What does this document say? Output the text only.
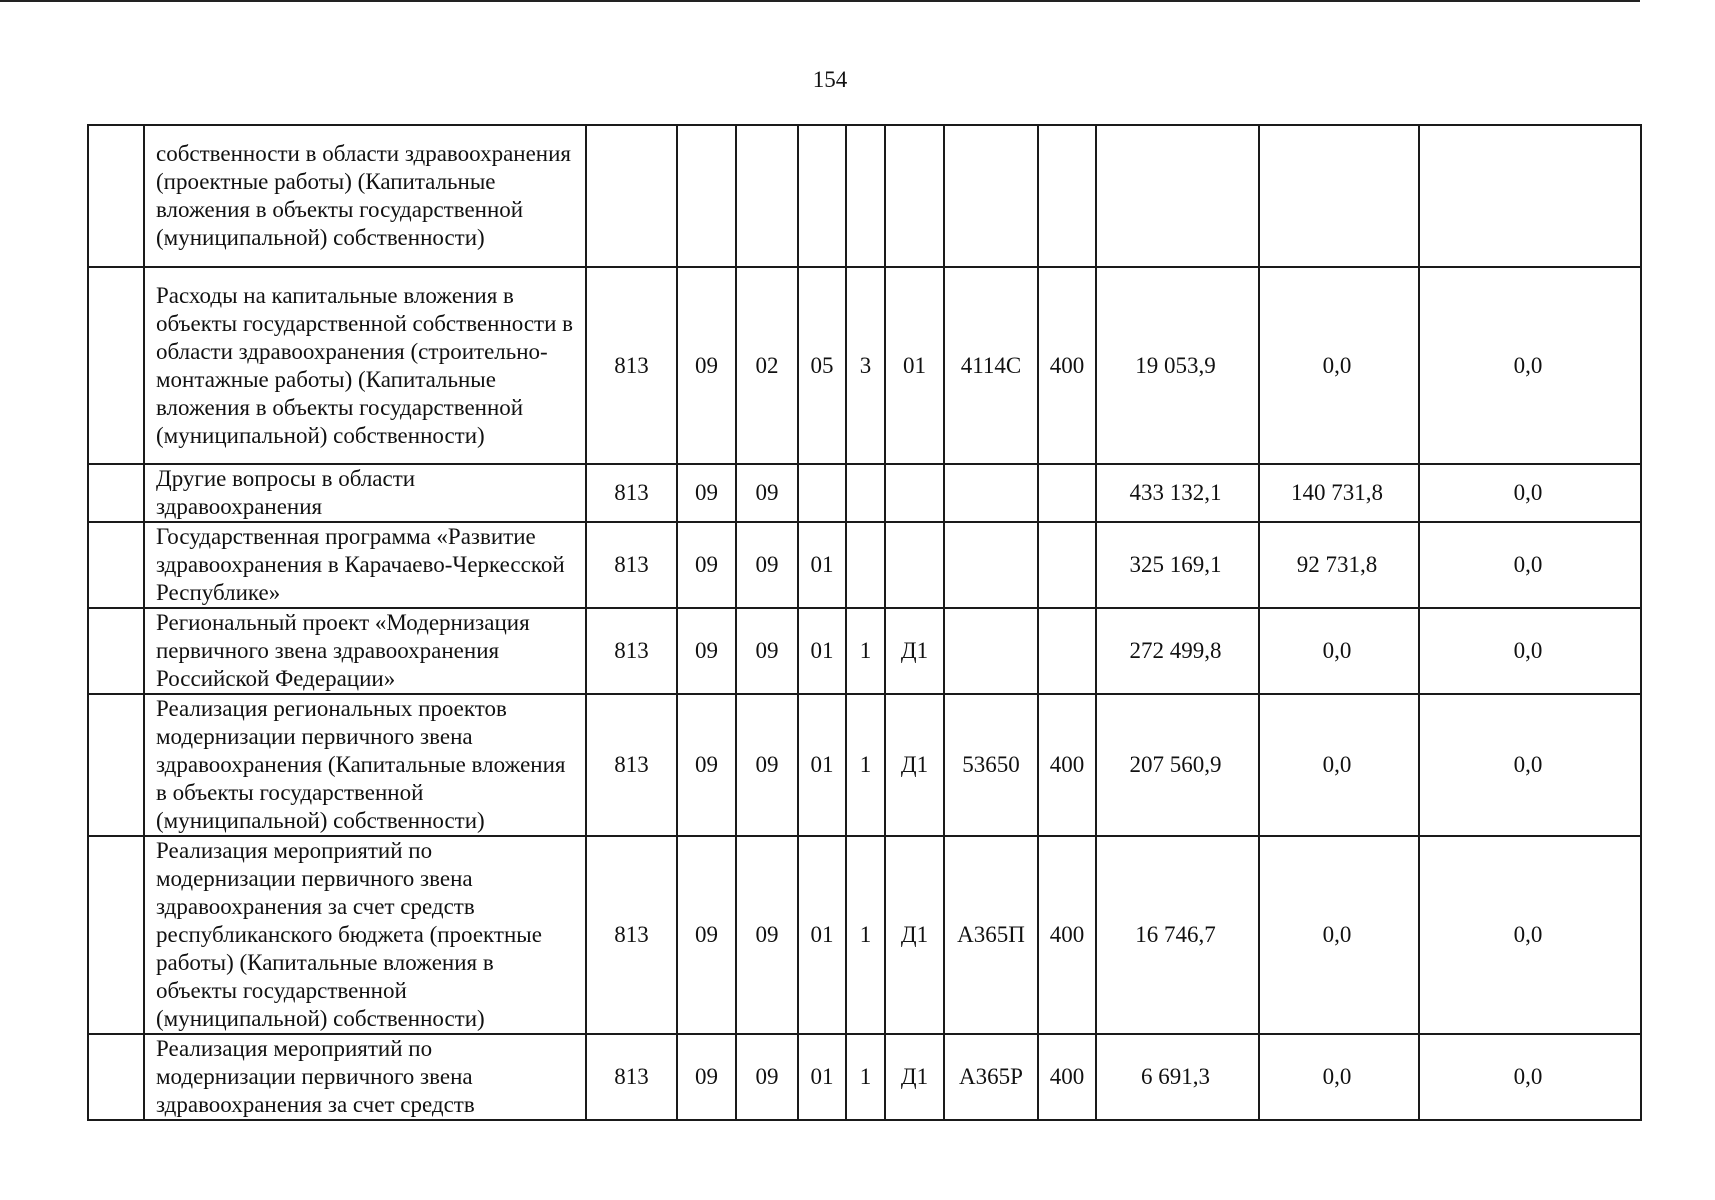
154
	собственности в области здравоохранения (проектные работы) (Капитальные вложения в объекты государственной (муниципальной) собственности)											
	Расходы на капитальные вложения в объекты государственной собственности в области здравоохранения (строительно-монтажные работы) (Капитальные вложения в объекты государственной (муниципальной) собственности)	813	09	02	05	3	01	4114С	400	19 053,9	0,0	0,0
	Другие вопросы в области здравоохранения	813	09	09						433 132,1	140 731,8	0,0
	Государственная программа «Развитие здравоохранения в Карачаево-Черкесской Республике»	813	09	09	01					325 169,1	92 731,8	0,0
	Региональный проект «Модернизация первичного звена здравоохранения Российской Федерации»	813	09	09	01	1	Д1			272 499,8	0,0	0,0
	Реализация региональных проектов модернизации первичного звена здравоохранения (Капитальные вложения в объекты государственной (муниципальной) собственности)	813	09	09	01	1	Д1	53650	400	207 560,9	0,0	0,0
	Реализация мероприятий по модернизации первичного звена здравоохранения за счет средств республиканского бюджета (проектные работы) (Капитальные вложения в объекты государственной (муниципальной) собственности)	813	09	09	01	1	Д1	А365П	400	16 746,7	0,0	0,0
	Реализация мероприятий по модернизации первичного звена здравоохранения за счет средств	813	09	09	01	1	Д1	А365Р	400	6 691,3	0,0	0,0
